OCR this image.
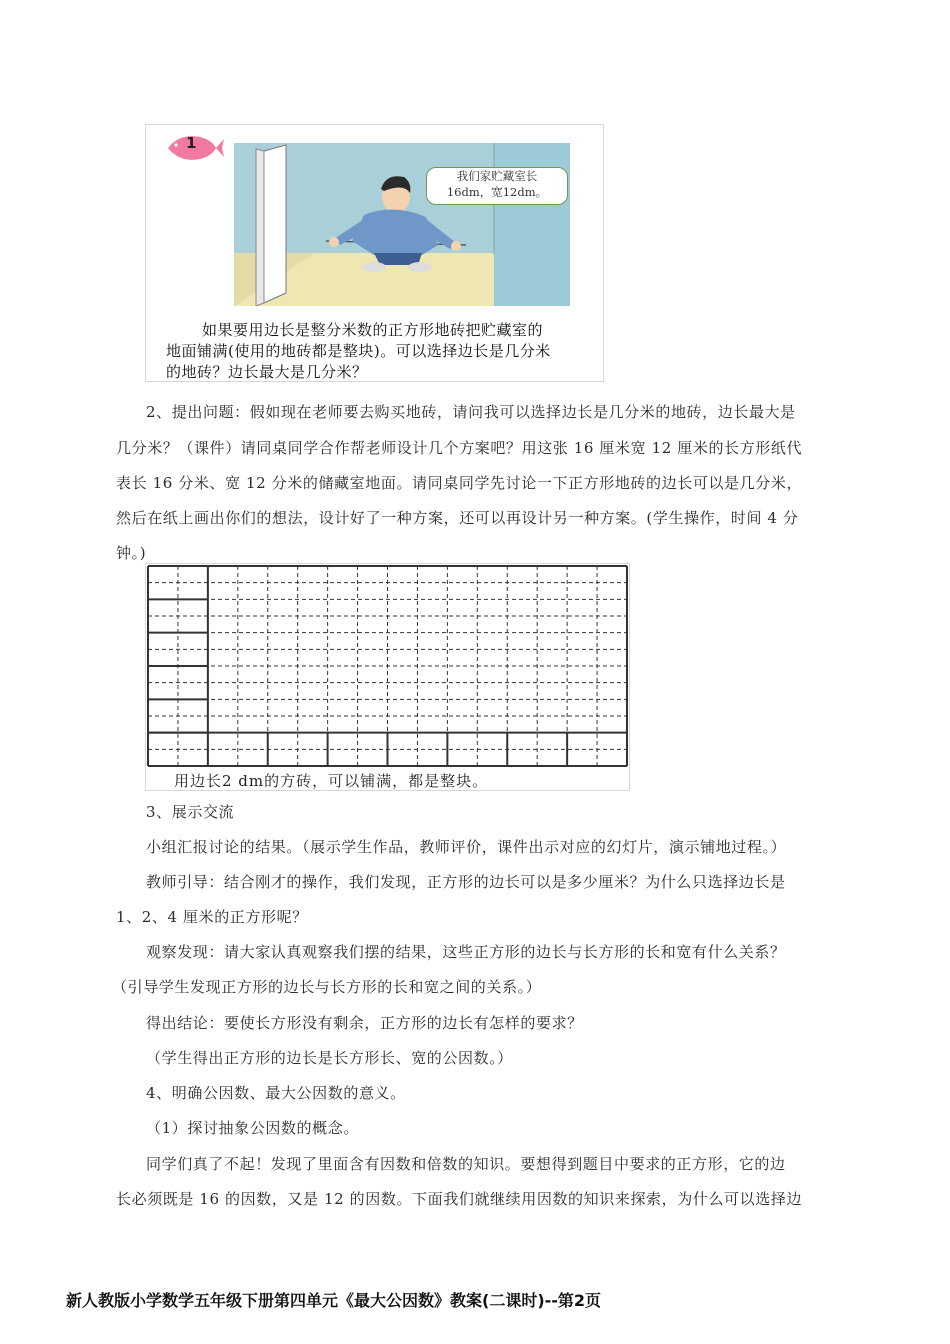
1
我们家贮藏室长
16dm，宽12dm。
如果要用边长是整分米数的正方形地砖把贮藏室的
地面铺满(使用的地砖都是整块)。可以选择边长是几分米
的地砖？边长最大是几分米？
2、提出问题：假如现在老师要去购买地砖，请问我可以选择边长是几分米的地砖，边长最大是
几分米？（课件）请同桌同学合作帮老师设计几个方案吧？用这张 16 厘米宽 12 厘米的长方形纸代
表长 16 分米、宽 12 分米的储藏室地面。请同桌同学先讨论一下正方形地砖的边长可以是几分米，
然后在纸上画出你们的想法，设计好了一种方案，还可以再设计另一种方案。(学生操作，时间 4 分
钟。)
用边长2 dm的方砖，可以铺满，都是整块。
3、展示交流
小组汇报讨论的结果。（展示学生作品，教师评价，课件出示对应的幻灯片，演示铺地过程。）
教师引导：结合刚才的操作，我们发现，正方形的边长可以是多少厘米？为什么只选择边长是
1、2、4 厘米的正方形呢？
观察发现：请大家认真观察我们摆的结果，这些正方形的边长与长方形的长和宽有什么关系？
（引导学生发现正方形的边长与长方形的长和宽之间的关系。）
得出结论：要使长方形没有剩余，正方形的边长有怎样的要求？
（学生得出正方形的边长是长方形长、宽的公因数。）
4、明确公因数、最大公因数的意义。
（1）探讨抽象公因数的概念。
同学们真了不起！发现了里面含有因数和倍数的知识。要想得到题目中要求的正方形，它的边
长必须既是 16 的因数，又是 12 的因数。下面我们就继续用因数的知识来探索，为什么可以选择边
新人教版小学数学五年级下册第四单元《最大公因数》教案(二课时)--第2页
